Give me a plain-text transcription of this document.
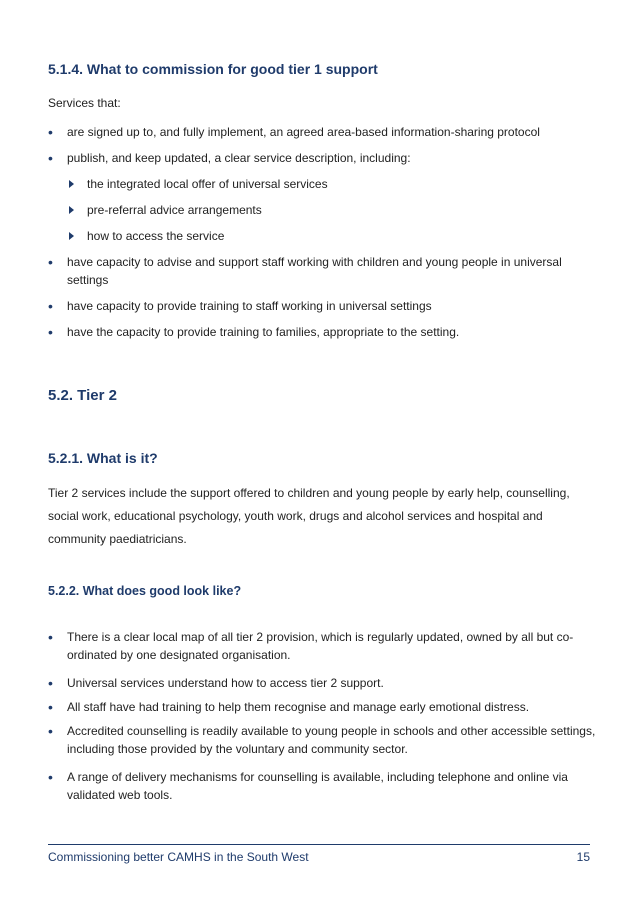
5.1.4. What to commission for good tier 1 support
Services that:
• are signed up to, and fully implement, an agreed area-based information-sharing protocol
• publish, and keep updated, a clear service description, including:
the integrated local offer of universal services
pre-referral advice arrangements
how to access the service
• have capacity to advise and support staff working with children and young people in universal settings
• have capacity to provide training to staff working in universal settings
• have the capacity to provide training to families, appropriate to the setting.
5.2. Tier 2
5.2.1. What is it?
Tier 2 services include the support offered to children and young people by early help, counselling, social work, educational psychology, youth work, drugs and alcohol services and hospital and community paediatricians.
5.2.2. What does good look like?
• There is a clear local map of all tier 2 provision, which is regularly updated, owned by all but co-ordinated by one designated organisation.
• Universal services understand how to access tier 2 support.
• All staff have had training to help them recognise and manage early emotional distress.
• Accredited counselling is readily available to young people in schools and other accessible settings, including those provided by the voluntary and community sector.
• A range of delivery mechanisms for counselling is available, including telephone and online via validated web tools.
Commissioning better CAMHS in the South West	15
